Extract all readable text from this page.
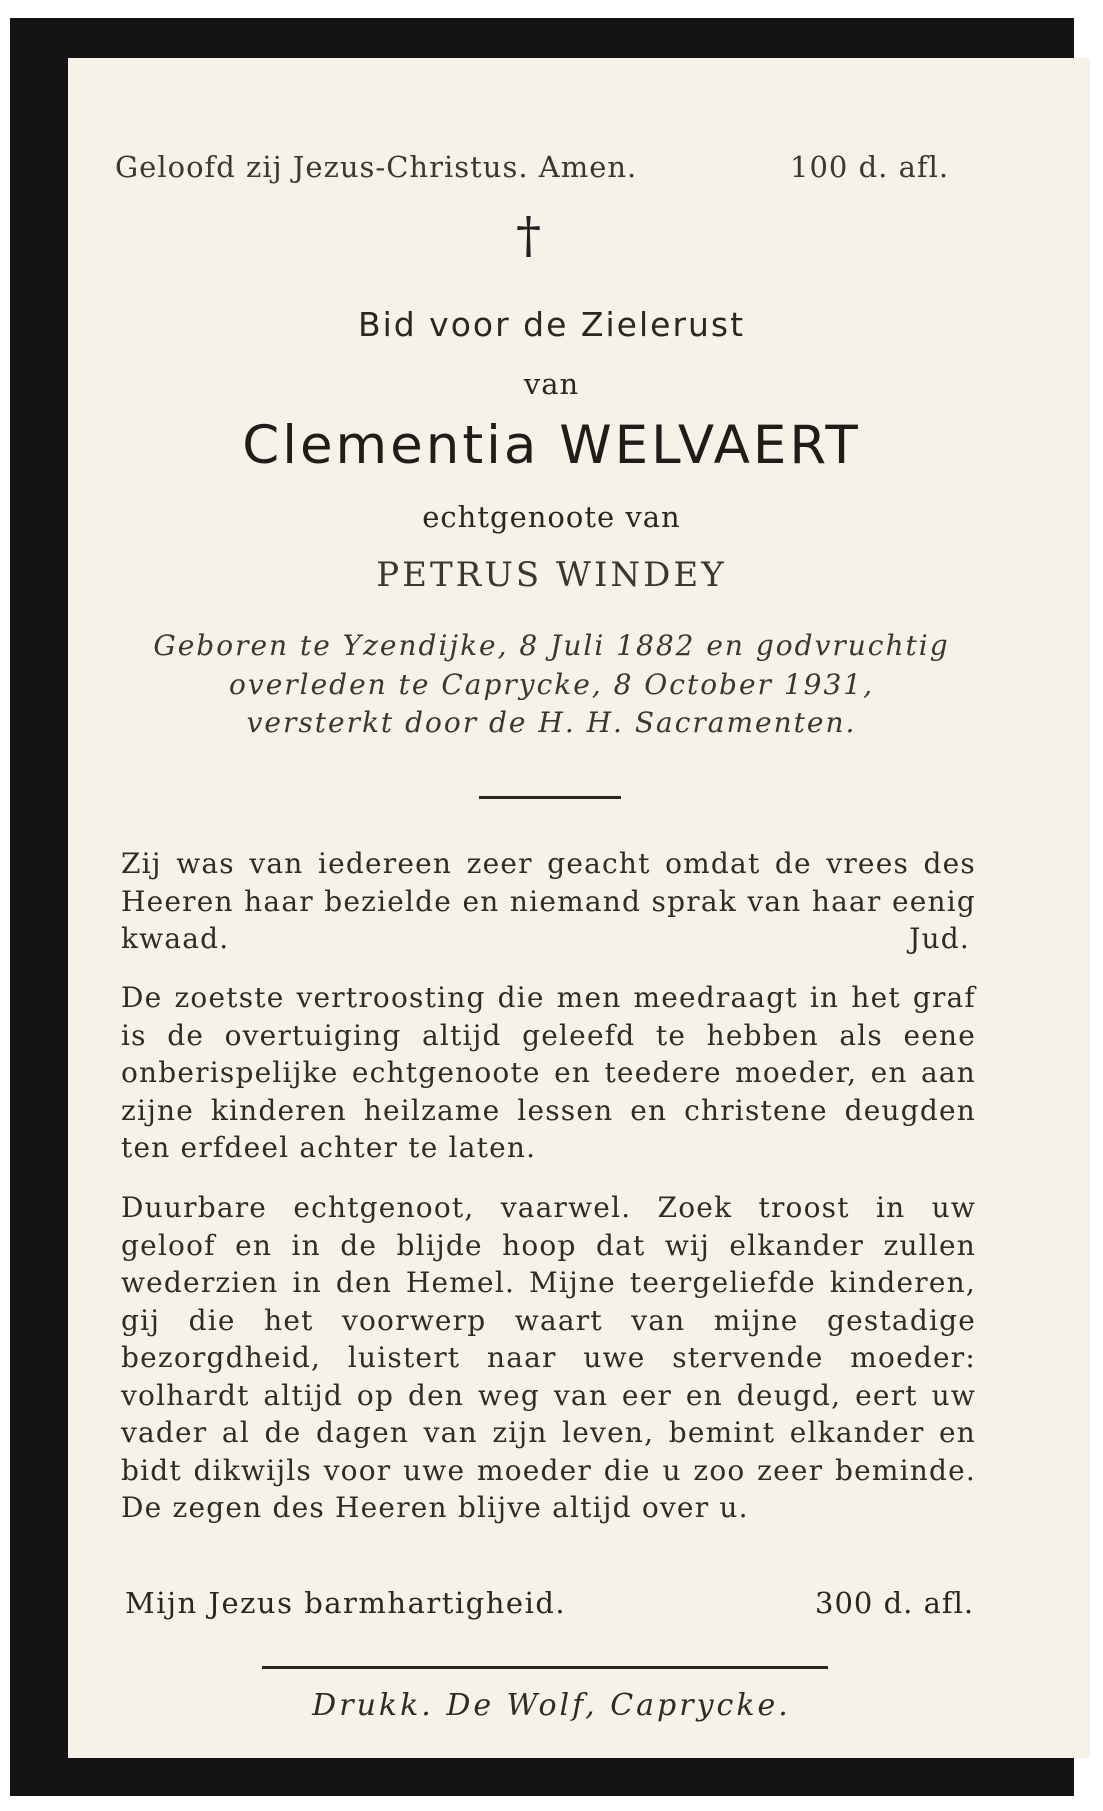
Geloofd zij Jezus-Christus. Amen.	100 d. afl.
†
Bid voor de Zielerust
van
Clementia WELVAERT
echtgenoote van
PETRUS WINDEY
Geboren te Yzendijke, 8 Juli 1882 en godvruchtig
overleden te Caprycke, 8 October 1931,
versterkt door de H. H. Sacramenten.

Zij was van iedereen zeer geacht omdat de vrees des Heeren haar bezielde en niemand sprak van haar eenig kwaad.	Jud.

De zoetste vertroosting die men meedraagt in het graf is de overtuiging altijd geleefd te hebben als eene onberispelijke echtgenoote en teedere moeder, en aan zijne kinderen heilzame lessen en christene deugden ten erfdeel achter te laten.

Duurbare echtgenoot, vaarwel. Zoek troost in uw geloof en in de blijde hoop dat wij elkander zullen wederzien in den Hemel. Mijne teergeliefde kinderen, gij die het voorwerp waart van mijne gestadige bezorgdheid, luistert naar uwe stervende moeder: volhardt altijd op den weg van eer en deugd, eert uw vader al de dagen van zijn leven, bemint elkander en bidt dikwijls voor uwe moeder die u zoo zeer beminde. De zegen des Heeren blijve altijd over u.

Mijn Jezus barmhartigheid.	300 d. afl.
Drukk. De Wolf, Caprycke.
